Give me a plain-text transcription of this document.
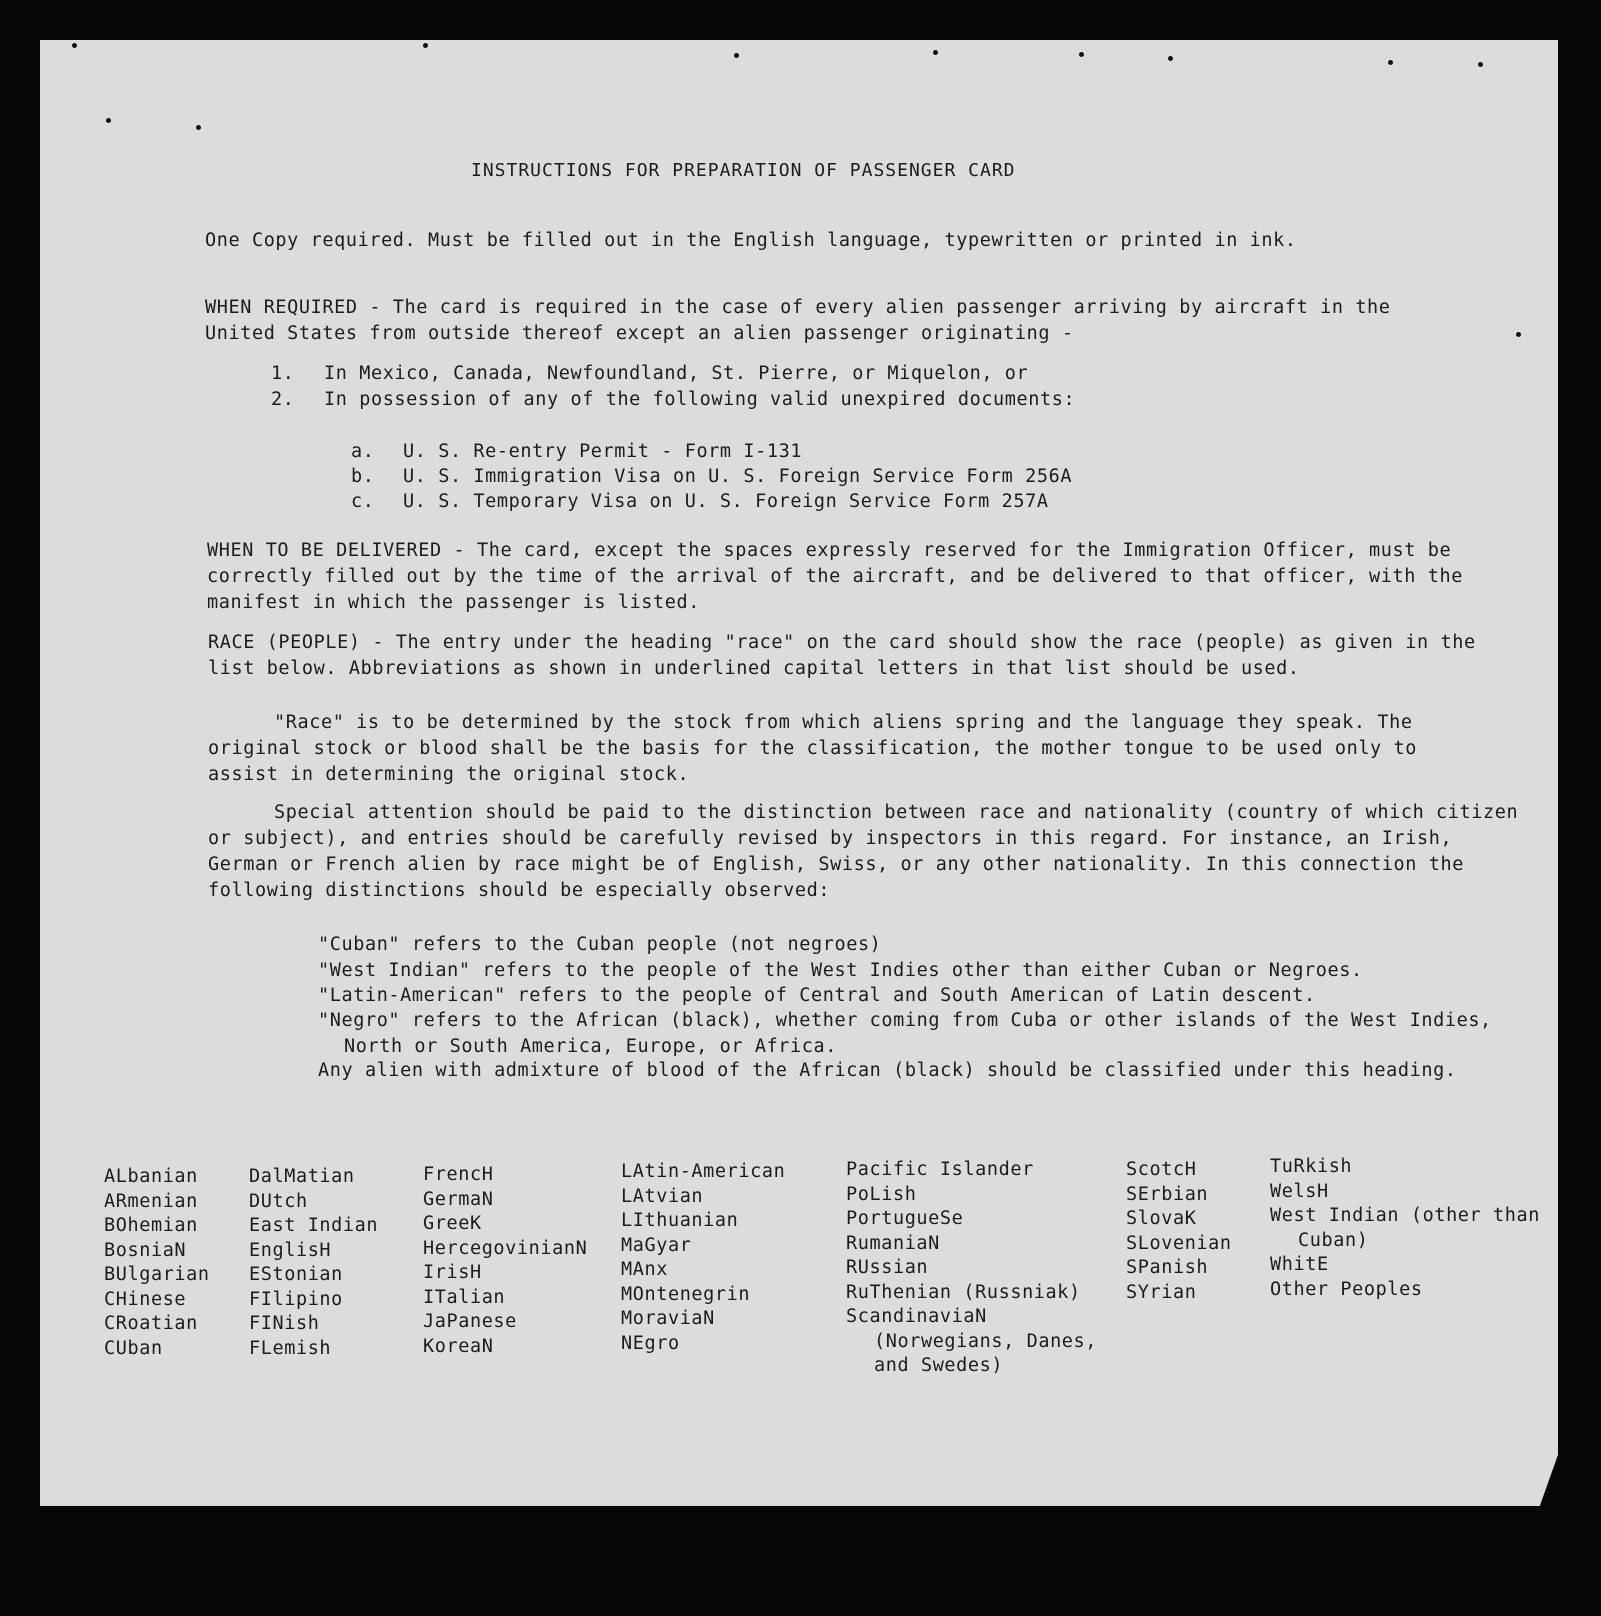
INSTRUCTIONS FOR PREPARATION OF PASSENGER CARD
One Copy required. Must be filled out in the English language, typewritten or printed in ink.
WHEN REQUIRED - The card is required in the case of every alien passenger arriving by aircraft in the United States from outside thereof except an alien passenger originating -
1. In Mexico, Canada, Newfoundland, St. Pierre, or Miquelon, or
2. In possession of any of the following valid unexpired documents:
a. U. S. Re-entry Permit - Form I-131
b. U. S. Immigration Visa on U. S. Foreign Service Form 256A
c. U. S. Temporary Visa on U. S. Foreign Service Form 257A
WHEN TO BE DELIVERED - The card, except the spaces expressly reserved for the Immigration Officer, must be correctly filled out by the time of the arrival of the aircraft, and be delivered to that officer, with the manifest in which the passenger is listed.
RACE (PEOPLE) - The entry under the heading "race" on the card should show the race (people) as given in the list below. Abbreviations as shown in underlined capital letters in that list should be used.
"Race" is to be determined by the stock from which aliens spring and the language they speak. The original stock or blood shall be the basis for the classification, the mother tongue to be used only to assist in determining the original stock.
Special attention should be paid to the distinction between race and nationality (country of which citizen or subject), and entries should be carefully revised by inspectors in this regard. For instance, an Irish, German or French alien by race might be of English, Swiss, or any other nationality. In this connection the following distinctions should be especially observed:
"Cuban" refers to the Cuban people (not negroes)
"West Indian" refers to the people of the West Indies other than either Cuban or Negroes.
"Latin-American" refers to the people of Central and South American of Latin descent.
"Negro" refers to the African (black), whether coming from Cuba or other islands of the West Indies, North or South America, Europe, or Africa.
Any alien with admixture of blood of the African (black) should be classified under this heading.
ALbanian
ARmenian
BOhemian
BosniaN
BUlgarian
CHinese
CRoatian
CUban
DalMatian
DUtch
East Indian
EnglisH
EStonian
FIlipino
FINish
FLemish
FrencH
GermaN
GreeK
HercegovinianN
IrisH
ITalian
JaPanese
KoreaN
LAtin-American
LAtvian
LIthuanian
MaGyar
MAnx
MOntenegrin
MoraviaN
NEgro
Pacific Islander
PoLish
PortugueSe
RumaniaN
RUssian
RuThenian (Russniak)
ScandinaviaN (Norwegians, Danes, and Swedes)
ScotcH
SErbian
SlovaK
SLovenian
SPanish
SYrian
TuRkish
WelsH
West Indian (other than Cuban)
WhitE
Other Peoples
